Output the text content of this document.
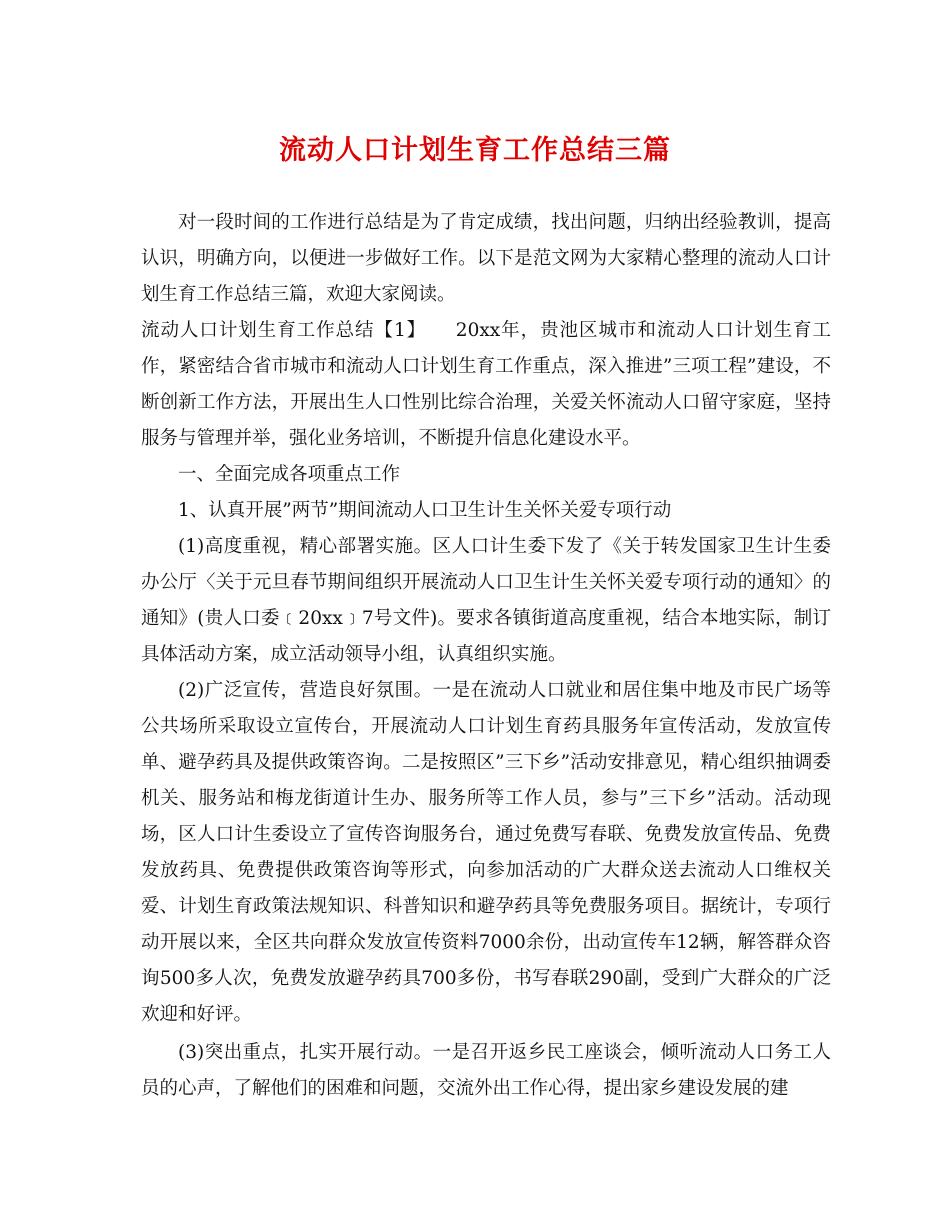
流动人口计划生育工作总结三篇

对一段时间的工作进行总结是为了肯定成绩，找出问题，归纳出经验教训，提高认识，明确方向，以便进一步做好工作。以下是范文网为大家精心整理的流动人口计划生育工作总结三篇，欢迎大家阅读。

流动人口计划生育工作总结【1】　　20xx年，贵池区城市和流动人口计划生育工作，紧密结合省市城市和流动人口计划生育工作重点，深入推进”三项工程”建设，不断创新工作方法，开展出生人口性别比综合治理，关爱关怀流动人口留守家庭，坚持服务与管理并举，强化业务培训，不断提升信息化建设水平。

一、全面完成各项重点工作

1、认真开展”两节”期间流动人口卫生计生关怀关爱专项行动

(1)高度重视，精心部署实施。区人口计生委下发了《关于转发国家卫生计生委办公厅〈关于元旦春节期间组织开展流动人口卫生计生关怀关爱专项行动的通知〉的通知》(贵人口委﹝20xx﹞7号文件)。要求各镇街道高度重视，结合本地实际，制订具体活动方案，成立活动领导小组，认真组织实施。

(2)广泛宣传，营造良好氛围。一是在流动人口就业和居住集中地及市民广场等公共场所采取设立宣传台，开展流动人口计划生育药具服务年宣传活动，发放宣传单、避孕药具及提供政策咨询。二是按照区”三下乡”活动安排意见，精心组织抽调委机关、服务站和梅龙街道计生办、服务所等工作人员，参与”三下乡”活动。活动现场，区人口计生委设立了宣传咨询服务台，通过免费写春联、免费发放宣传品、免费发放药具、免费提供政策咨询等形式，向参加活动的广大群众送去流动人口维权关爱、计划生育政策法规知识、科普知识和避孕药具等免费服务项目。据统计，专项行动开展以来，全区共向群众发放宣传资料7000余份，出动宣传车12辆，解答群众咨询500多人次，免费发放避孕药具700多份，书写春联290副，受到广大群众的广泛欢迎和好评。

(3)突出重点，扎实开展行动。一是召开返乡民工座谈会，倾听流动人口务工人员的心声，了解他们的困难和问题，交流外出工作心得，提出家乡建设发展的建
